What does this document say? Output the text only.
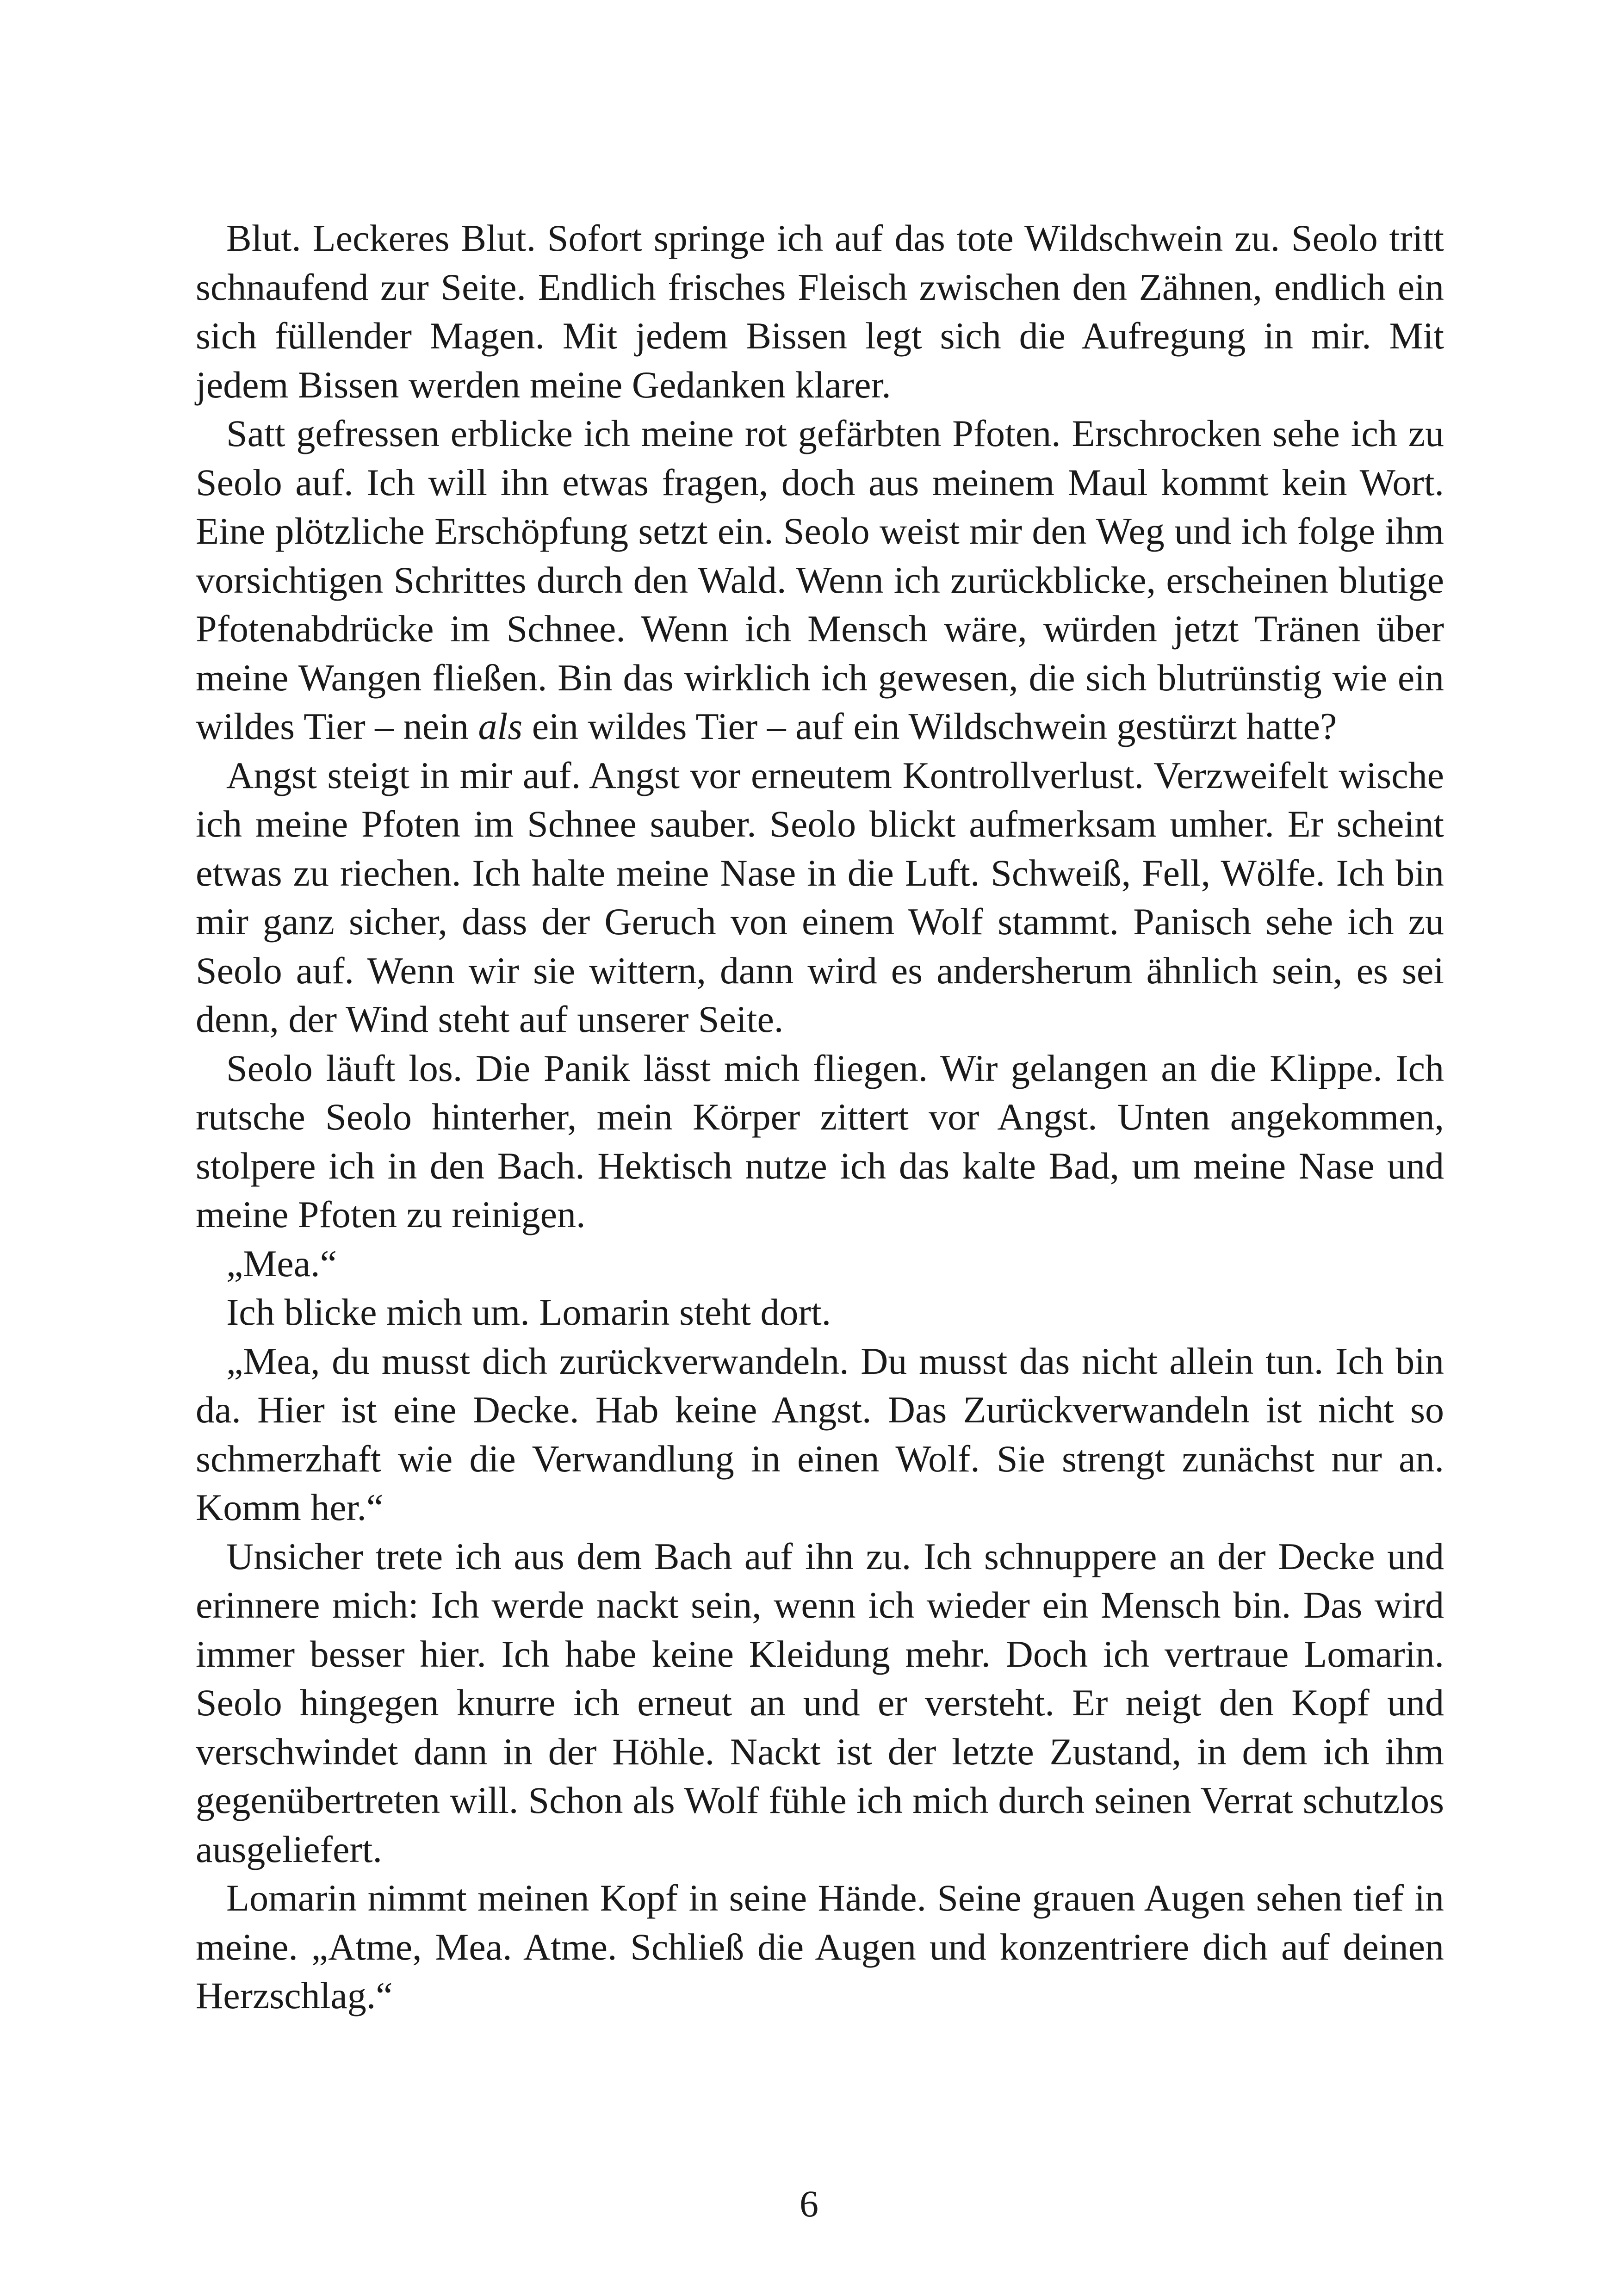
Blut. Leckeres Blut. Sofort springe ich auf das tote Wildschwein zu. Seolo tritt schnaufend zur Seite. Endlich frisches Fleisch zwischen den Zähnen, endlich ein sich füllender Magen. Mit jedem Bissen legt sich die Aufregung in mir. Mit jedem Bissen werden meine Gedanken klarer.

Satt gefressen erblicke ich meine rot gefärbten Pfoten. Erschrocken sehe ich zu Seolo auf. Ich will ihn etwas fragen, doch aus meinem Maul kommt kein Wort. Eine plötzliche Erschöpfung setzt ein. Seolo weist mir den Weg und ich folge ihm vorsichtigen Schrittes durch den Wald. Wenn ich zurückblicke, erscheinen blutige Pfotenabdrücke im Schnee. Wenn ich Mensch wäre, würden jetzt Tränen über meine Wangen fließen. Bin das wirklich ich gewesen, die sich blutrünstig wie ein wildes Tier – nein als ein wildes Tier – auf ein Wildschwein gestürzt hatte?

Angst steigt in mir auf. Angst vor erneutem Kontrollverlust. Verzweifelt wische ich meine Pfoten im Schnee sauber. Seolo blickt aufmerksam umher. Er scheint etwas zu riechen. Ich halte meine Nase in die Luft. Schweiß, Fell, Wölfe. Ich bin mir ganz sicher, dass der Geruch von einem Wolf stammt. Panisch sehe ich zu Seolo auf. Wenn wir sie wittern, dann wird es andersherum ähnlich sein, es sei denn, der Wind steht auf unserer Seite.

Seolo läuft los. Die Panik lässt mich fliegen. Wir gelangen an die Klippe. Ich rutsche Seolo hinterher, mein Körper zittert vor Angst. Unten angekommen, stolpere ich in den Bach. Hektisch nutze ich das kalte Bad, um meine Nase und meine Pfoten zu reinigen.

„Mea.“

Ich blicke mich um. Lomarin steht dort.

„Mea, du musst dich zurückverwandeln. Du musst das nicht allein tun. Ich bin da. Hier ist eine Decke. Hab keine Angst. Das Zurückverwandeln ist nicht so schmerzhaft wie die Verwandlung in einen Wolf. Sie strengt zunächst nur an. Komm her.“

Unsicher trete ich aus dem Bach auf ihn zu. Ich schnuppere an der Decke und erinnere mich: Ich werde nackt sein, wenn ich wieder ein Mensch bin. Das wird immer besser hier. Ich habe keine Kleidung mehr. Doch ich vertraue Lomarin. Seolo hingegen knurre ich erneut an und er versteht. Er neigt den Kopf und verschwindet dann in der Höhle. Nackt ist der letzte Zustand, in dem ich ihm gegenübertreten will. Schon als Wolf fühle ich mich durch seinen Verrat schutzlos ausgeliefert.

Lomarin nimmt meinen Kopf in seine Hände. Seine grauen Augen sehen tief in meine. „Atme, Mea. Atme. Schließ die Augen und konzentriere dich auf deinen Herzschlag.“

6
